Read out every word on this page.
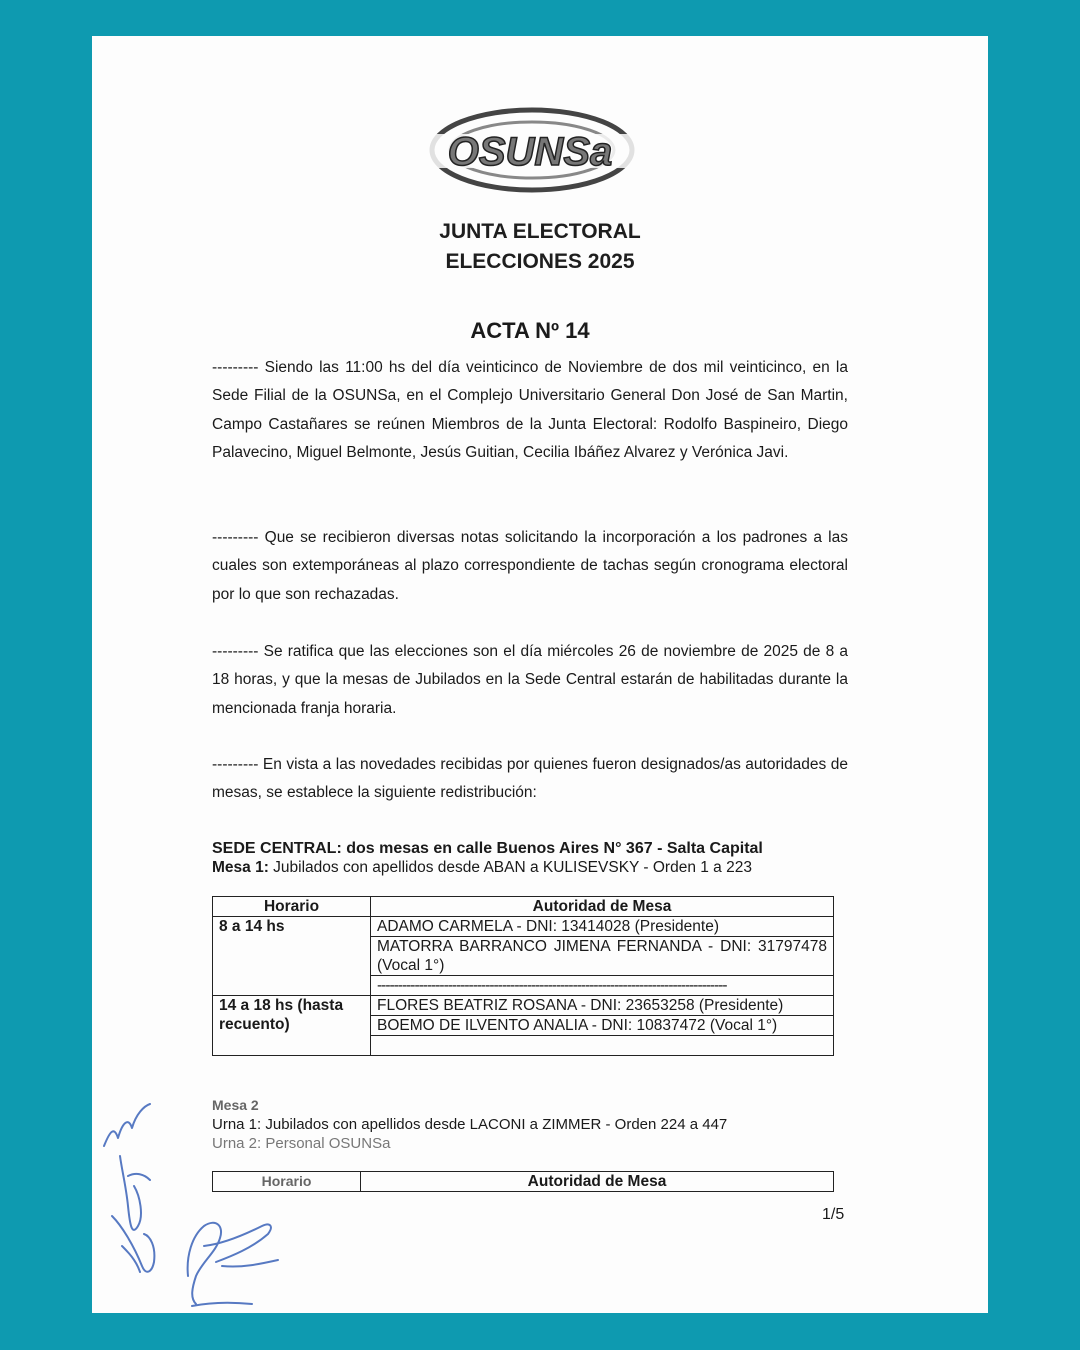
OSUNSa
JUNTA ELECTORAL
ELECCIONES 2025
ACTA Nº 14

--------- Siendo las 11:00 hs del día veinticinco de Noviembre de dos mil veinticinco, en la Sede Filial de la OSUNSa, en el Complejo Universitario General Don José de San Martin, Campo Castañares se reúnen Miembros de la Junta Electoral: Rodolfo Baspineiro, Diego Palavecino, Miguel Belmonte, Jesús Guitian, Cecilia Ibáñez Alvarez y Verónica Javi.

--------- Que se recibieron diversas notas solicitando la incorporación a los padrones a las cuales son extemporáneas al plazo correspondiente de tachas según cronograma electoral por lo que son rechazadas.

--------- Se ratifica que las elecciones son el día miércoles 26 de noviembre de 2025 de 8 a 18 horas, y que la mesas de Jubilados en la Sede Central estarán de habilitadas durante la mencionada franja horaria.

--------- En vista a las novedades recibidas por quienes fueron designados/as autoridades de mesas, se establece la siguiente redistribución:

SEDE CENTRAL: dos mesas en calle Buenos Aires N° 367 - Salta Capital
Mesa 1: Jubilados con apellidos desde ABAN a KULISEVSKY - Orden 1 a 223
Horario	Autoridad de Mesa
8 a 14 hs	ADAMO CARMELA - DNI: 13414028 (Presidente)
	MATORRA BARRANCO JIMENA FERNANDA - DNI: 31797478 (Vocal 1°)
	------------------------------------------------------------------------------------
14 a 18 hs (hasta recuento)	FLORES BEATRIZ ROSANA - DNI: 23653258 (Presidente)
	BOEMO DE ILVENTO ANALIA - DNI: 10837472 (Vocal 1°)

Mesa 2
Urna 1: Jubilados con apellidos desde LACONI a ZIMMER - Orden 224 a 447
Urna 2: Personal OSUNSa
Horario	Autoridad de Mesa
1/5
